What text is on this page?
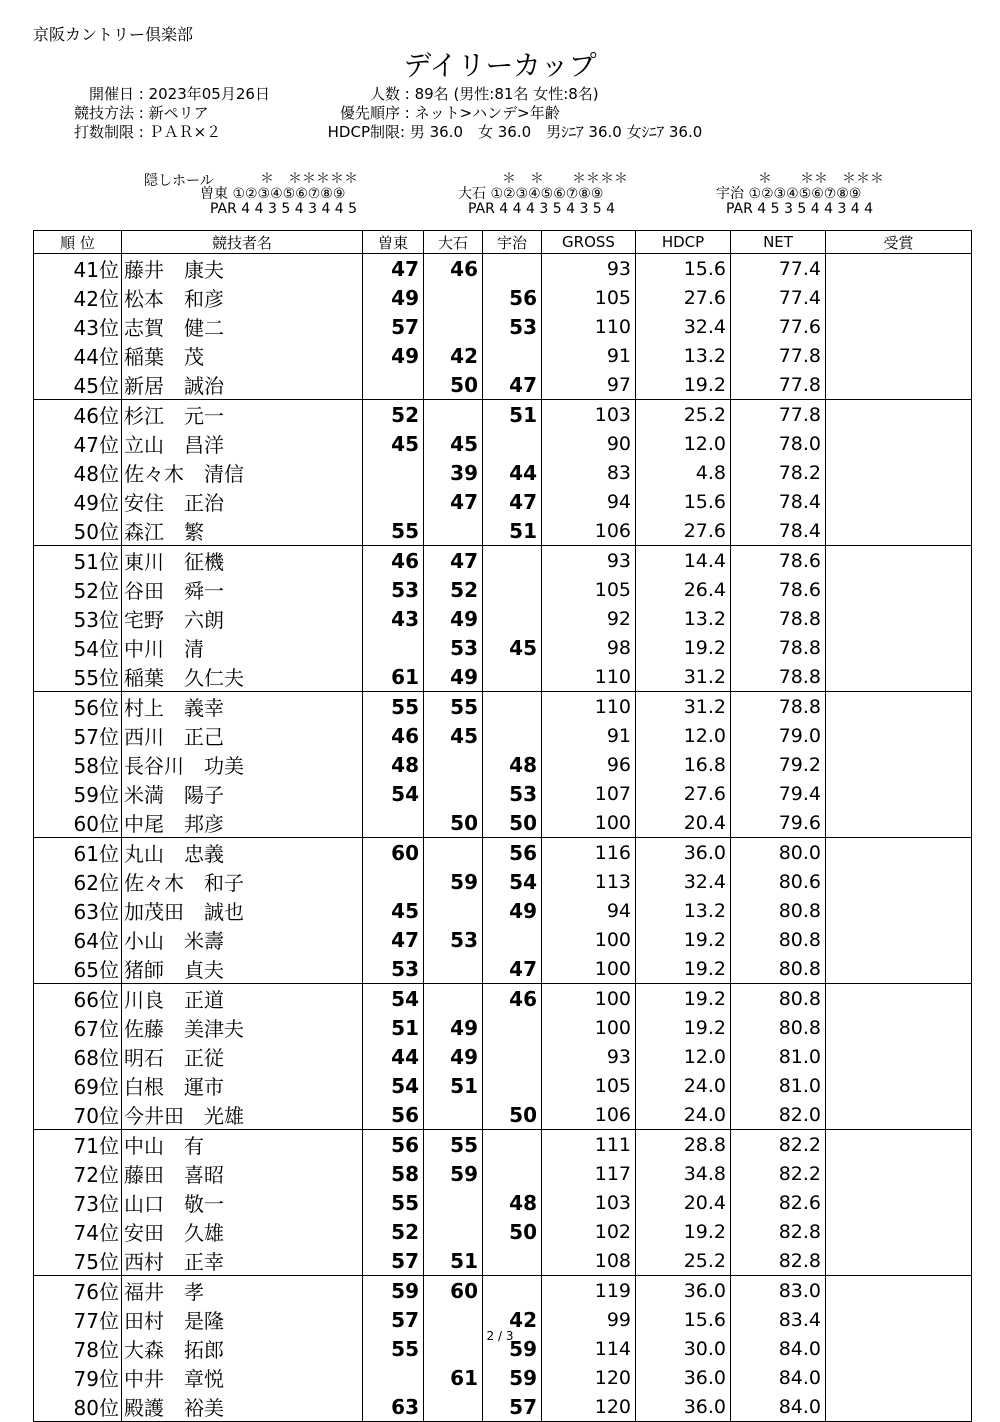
京阪カントリー倶楽部
デイリーカップ
開催日 : 2023年05月26日
競技方法 : 新ペリア
打数制限 : ＰＡＲ×２
人数 : 89名 (男性:81名 女性:8名)
優先順序 : ネット>ハンデ>年齢
HDCP制限: 男 36.0　女 36.0　男ｼﾆｱ 36.0 女ｼﾆｱ 36.0
隠しホール	＊　＊＊＊＊＊
曽東 ①②③④⑤⑥⑦⑧⑨
PAR 4 4 3 5 4 3 4 4 5
＊　＊　　＊＊＊＊
大石 ①②③④⑤⑥⑦⑧⑨
PAR 4 4 4 3 5 4 3 5 4
＊　　＊＊　＊＊＊
宇治 ①②③④⑤⑥⑦⑧⑨
PAR 4 5 3 5 4 4 3 4 4
順 位	競技者名	曽東	大石	宇治	GROSS	HDCP	NET	受賞
41位	藤井　康夫	47	46		93	15.6	77.4	
42位	松本　和彦	49		56	105	27.6	77.4	
43位	志賀　健二	57		53	110	32.4	77.6	
44位	稲葉　茂	49	42		91	13.2	77.8	
45位	新居　誠治		50	47	97	19.2	77.8	
46位	杉江　元一	52		51	103	25.2	77.8	
47位	立山　昌洋	45	45		90	12.0	78.0	
48位	佐々木　清信		39	44	83	4.8	78.2	
49位	安住　正治		47	47	94	15.6	78.4	
50位	森江　繁	55		51	106	27.6	78.4	
51位	東川　征機	46	47		93	14.4	78.6	
52位	谷田　舜一	53	52		105	26.4	78.6	
53位	宅野　六朗	43	49		92	13.2	78.8	
54位	中川　清		53	45	98	19.2	78.8	
55位	稲葉　久仁夫	61	49		110	31.2	78.8	
56位	村上　義幸	55	55		110	31.2	78.8	
57位	西川　正己	46	45		91	12.0	79.0	
58位	長谷川　功美	48		48	96	16.8	79.2	
59位	米満　陽子	54		53	107	27.6	79.4	
60位	中尾　邦彦		50	50	100	20.4	79.6	
61位	丸山　忠義	60		56	116	36.0	80.0	
62位	佐々木　和子		59	54	113	32.4	80.6	
63位	加茂田　誠也	45		49	94	13.2	80.8	
64位	小山　米壽	47	53		100	19.2	80.8	
65位	猪師　貞夫	53		47	100	19.2	80.8	
66位	川良　正道	54		46	100	19.2	80.8	
67位	佐藤　美津夫	51	49		100	19.2	80.8	
68位	明石　正従	44	49		93	12.0	81.0	
69位	白根　運市	54	51		105	24.0	81.0	
70位	今井田　光雄	56		50	106	24.0	82.0	
71位	中山　有	56	55		111	28.8	82.2	
72位	藤田　喜昭	58	59		117	34.8	82.2	
73位	山口　敬一	55		48	103	20.4	82.6	
74位	安田　久雄	52		50	102	19.2	82.8	
75位	西村　正幸	57	51		108	25.2	82.8	
76位	福井　孝	59	60		119	36.0	83.0	
77位	田村　是隆	57		42	99	15.6	83.4	
78位	大森　拓郎	55		59	114	30.0	84.0	
79位	中井　章悦		61	59	120	36.0	84.0	
80位	殿護　裕美	63		57	120	36.0	84.0	
2 / 3
